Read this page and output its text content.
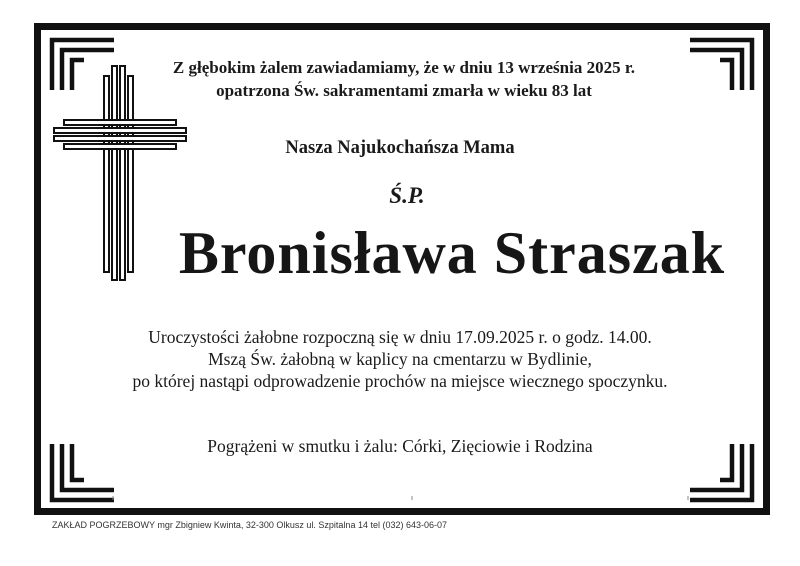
Z głębokim żalem zawiadamiamy, że w dniu 13 września 2025 r.
opatrzona Św. sakramentami zmarła w wieku 83 lat
Nasza Najukochańsza Mama
Ś.P.
Bronisława Straszak
Uroczystości żałobne rozpoczną się w dniu 17.09.2025 r. o godz. 14.00.
Mszą Św. żałobną w kaplicy na cmentarzu w Bydlinie,
po której nastąpi odprowadzenie prochów na miejsce wiecznego spoczynku.
Pogrążeni w smutku i żalu: Córki, Zięciowie i Rodzina
ZAKŁAD POGRZEBOWY mgr Zbigniew Kwinta, 32-300 Olkusz ul. Szpitalna 14 tel (032) 643-06-07
